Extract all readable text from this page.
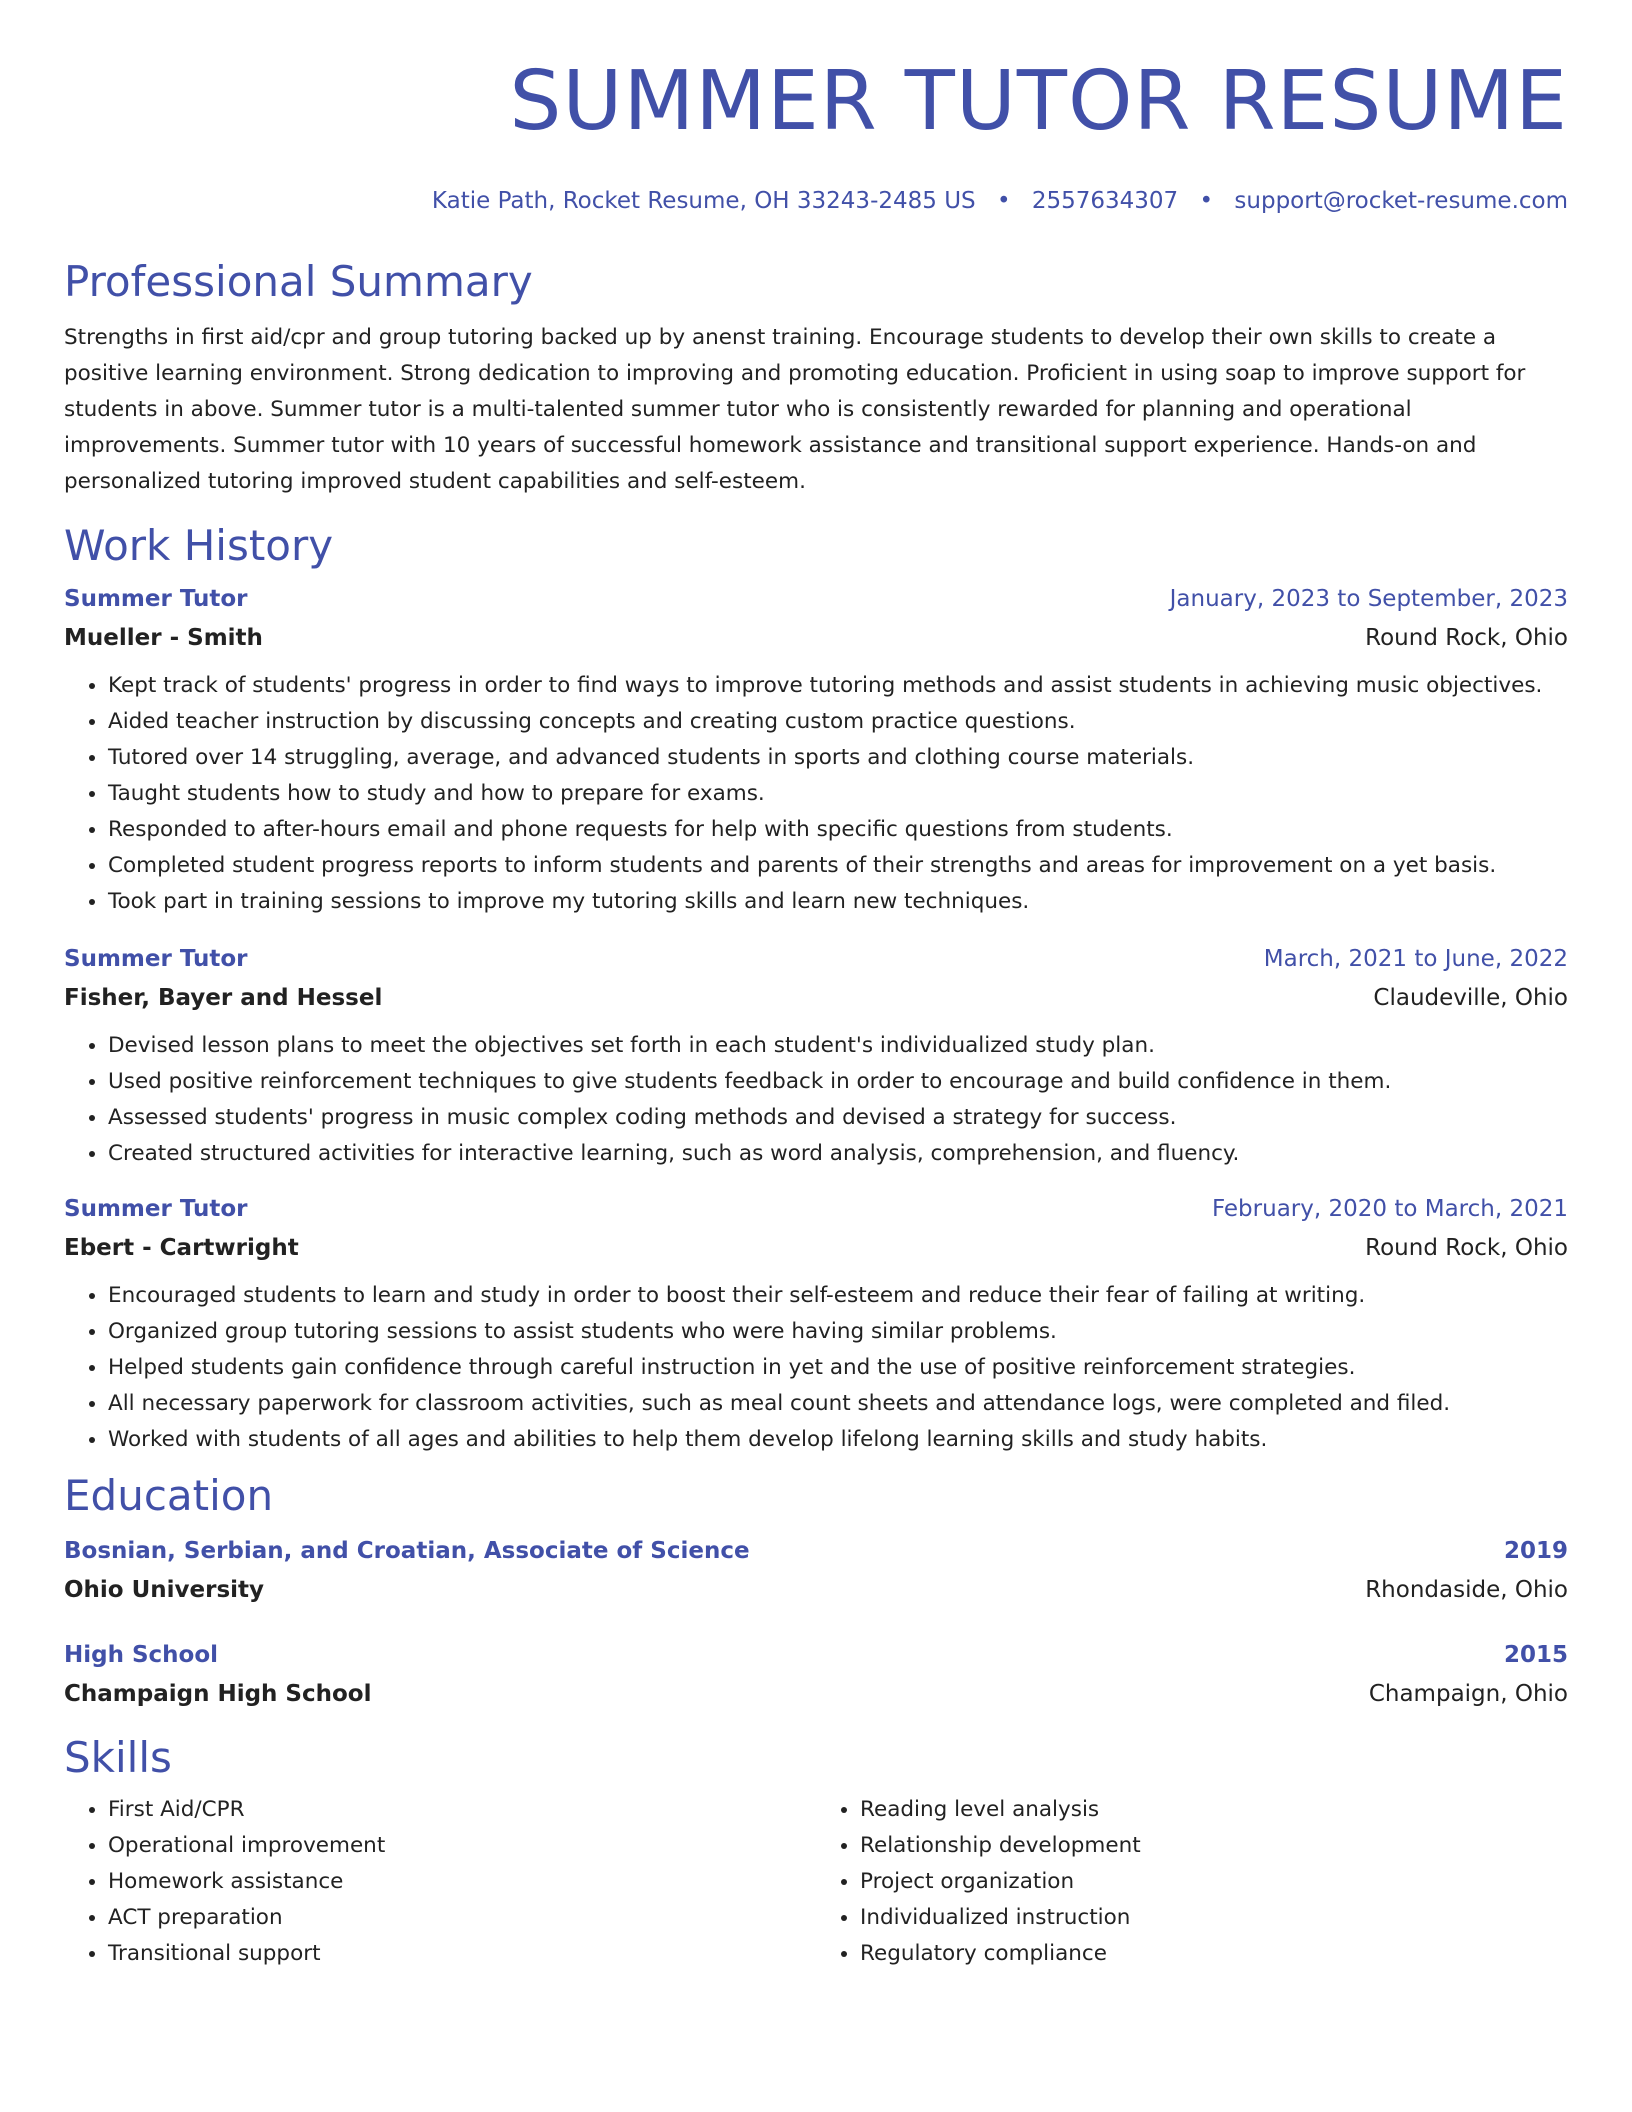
SUMMER TUTOR RESUME
Katie Path, Rocket Resume, OH 33243-2485 US • 2557634307 • support@rocket-resume.com
Professional Summary

Strengths in first aid/cpr and group tutoring backed up by anenst training. Encourage students to develop their own skills to create a positive learning environment. Strong dedication to improving and promoting education. Proficient in using soap to improve support for students in above. Summer tutor is a multi-talented summer tutor who is consistently rewarded for planning and operational improvements. Summer tutor with 10 years of successful homework assistance and transitional support experience. Hands-on and personalized tutoring improved student capabilities and self-esteem.

Work History
Summer Tutor	January, 2023 to September, 2023
Mueller - Smith	Round Rock, Ohio
• Kept track of students' progress in order to find ways to improve tutoring methods and assist students in achieving music objectives.
• Aided teacher instruction by discussing concepts and creating custom practice questions.
• Tutored over 14 struggling, average, and advanced students in sports and clothing course materials.
• Taught students how to study and how to prepare for exams.
• Responded to after-hours email and phone requests for help with specific questions from students.
• Completed student progress reports to inform students and parents of their strengths and areas for improvement on a yet basis.
• Took part in training sessions to improve my tutoring skills and learn new techniques.
Summer Tutor	March, 2021 to June, 2022
Fisher, Bayer and Hessel	Claudeville, Ohio
• Devised lesson plans to meet the objectives set forth in each student's individualized study plan.
• Used positive reinforcement techniques to give students feedback in order to encourage and build confidence in them.
• Assessed students' progress in music complex coding methods and devised a strategy for success.
• Created structured activities for interactive learning, such as word analysis, comprehension, and fluency.
Summer Tutor	February, 2020 to March, 2021
Ebert - Cartwright	Round Rock, Ohio
• Encouraged students to learn and study in order to boost their self-esteem and reduce their fear of failing at writing.
• Organized group tutoring sessions to assist students who were having similar problems.
• Helped students gain confidence through careful instruction in yet and the use of positive reinforcement strategies.
• All necessary paperwork for classroom activities, such as meal count sheets and attendance logs, were completed and filed.
• Worked with students of all ages and abilities to help them develop lifelong learning skills and study habits.
Education
Bosnian, Serbian, and Croatian, Associate of Science	2019
Ohio University	Rhondaside, Ohio
High School	2015
Champaign High School	Champaign, Ohio
Skills
• First Aid/CPR
• Operational improvement
• Homework assistance
• ACT preparation
• Transitional support
• Reading level analysis
• Relationship development
• Project organization
• Individualized instruction
• Regulatory compliance
